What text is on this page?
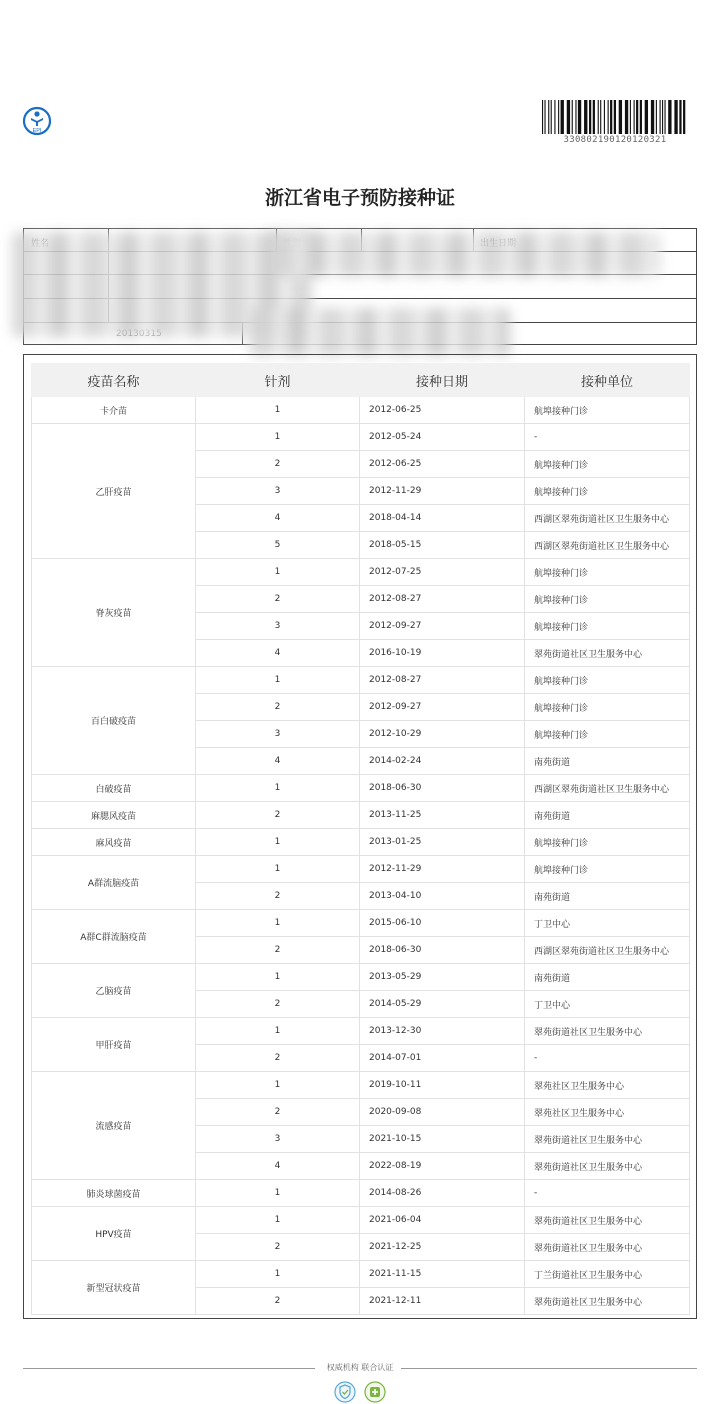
EPI
330802190120120321
浙江省电子预防接种证
疫苗名称	针剂	接种日期	接种单位
卡介苗	1	2012-06-25	航埠接种门诊
乙肝疫苗	1	2012-05-24	-
	2	2012-06-25	航埠接种门诊
	3	2012-11-29	航埠接种门诊
	4	2018-04-14	西湖区翠苑街道社区卫生服务中心
	5	2018-05-15	西湖区翠苑街道社区卫生服务中心
脊灰疫苗	1	2012-07-25	航埠接种门诊
	2	2012-08-27	航埠接种门诊
	3	2012-09-27	航埠接种门诊
	4	2016-10-19	翠苑街道社区卫生服务中心
百白破疫苗	1	2012-08-27	航埠接种门诊
	2	2012-09-27	航埠接种门诊
	3	2012-10-29	航埠接种门诊
	4	2014-02-24	南苑街道
白破疫苗	1	2018-06-30	西湖区翠苑街道社区卫生服务中心
麻腮风疫苗	2	2013-11-25	南苑街道
麻风疫苗	1	2013-01-25	航埠接种门诊
A群流脑疫苗	1	2012-11-29	航埠接种门诊
	2	2013-04-10	南苑街道
A群C群流脑疫苗	1	2015-06-10	丁卫中心
	2	2018-06-30	西湖区翠苑街道社区卫生服务中心
乙脑疫苗	1	2013-05-29	南苑街道
	2	2014-05-29	丁卫中心
甲肝疫苗	1	2013-12-30	翠苑街道社区卫生服务中心
	2	2014-07-01	-
流感疫苗	1	2019-10-11	翠苑社区卫生服务中心
	2	2020-09-08	翠苑社区卫生服务中心
	3	2021-10-15	翠苑街道社区卫生服务中心
	4	2022-08-19	翠苑街道社区卫生服务中心
肺炎球菌疫苗	1	2014-08-26	-
HPV疫苗	1	2021-06-04	翠苑街道社区卫生服务中心
	2	2021-12-25	翠苑街道社区卫生服务中心
新型冠状疫苗	1	2021-11-15	丁兰街道社区卫生服务中心
	2	2021-12-11	翠苑街道社区卫生服务中心
权威机构 联合认证
